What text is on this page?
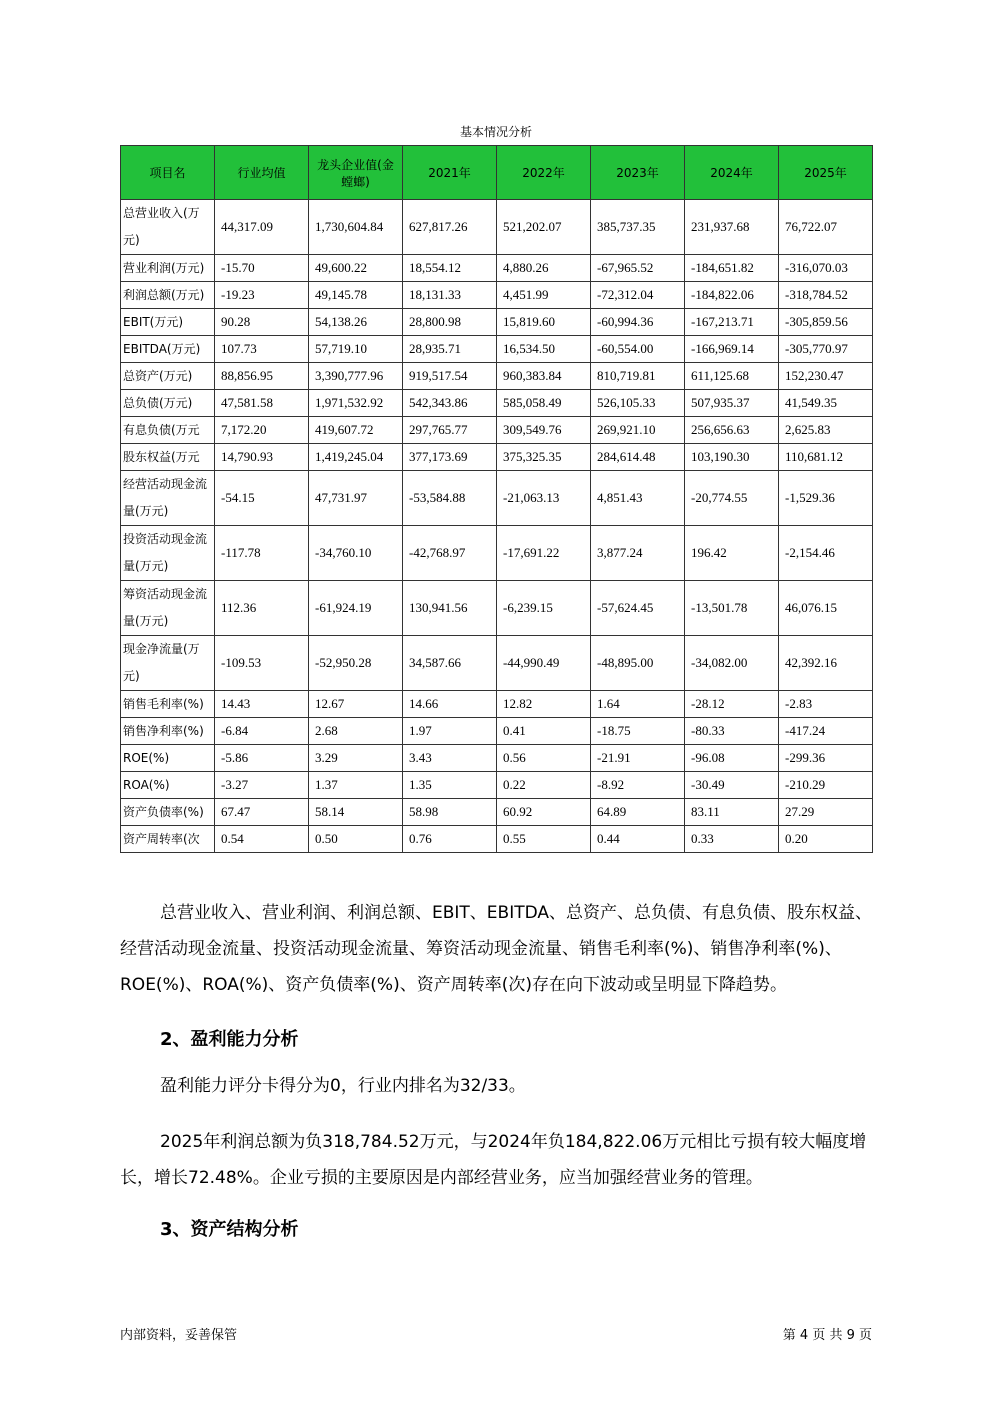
基本情况分析
项目名	行业均值	龙头企业值(金螳螂)	2021年	2022年	2023年	2024年	2025年
总营业收入(万元)	44,317.09	1,730,604.84	627,817.26	521,202.07	385,737.35	231,937.68	76,722.07
营业利润(万元)	-15.70	49,600.22	18,554.12	4,880.26	-67,965.52	-184,651.82	-316,070.03
利润总额(万元)	-19.23	49,145.78	18,131.33	4,451.99	-72,312.04	-184,822.06	-318,784.52
EBIT(万元)	90.28	54,138.26	28,800.98	15,819.60	-60,994.36	-167,213.71	-305,859.56
EBITDA(万元)	107.73	57,719.10	28,935.71	16,534.50	-60,554.00	-166,969.14	-305,770.97
总资产(万元)	88,856.95	3,390,777.96	919,517.54	960,383.84	810,719.81	611,125.68	152,230.47
总负债(万元)	47,581.58	1,971,532.92	542,343.86	585,058.49	526,105.33	507,935.37	41,549.35
有息负债(万元	7,172.20	419,607.72	297,765.77	309,549.76	269,921.10	256,656.63	2,625.83
股东权益(万元	14,790.93	1,419,245.04	377,173.69	375,325.35	284,614.48	103,190.30	110,681.12
经营活动现金流量(万元)	-54.15	47,731.97	-53,584.88	-21,063.13	4,851.43	-20,774.55	-1,529.36
投资活动现金流量(万元)	-117.78	-34,760.10	-42,768.97	-17,691.22	3,877.24	196.42	-2,154.46
筹资活动现金流量(万元)	112.36	-61,924.19	130,941.56	-6,239.15	-57,624.45	-13,501.78	46,076.15
现金净流量(万元)	-109.53	-52,950.28	34,587.66	-44,990.49	-48,895.00	-34,082.00	42,392.16
销售毛利率(%)	14.43	12.67	14.66	12.82	1.64	-28.12	-2.83
销售净利率(%)	-6.84	2.68	1.97	0.41	-18.75	-80.33	-417.24
ROE(%)	-5.86	3.29	3.43	0.56	-21.91	-96.08	-299.36
ROA(%)	-3.27	1.37	1.35	0.22	-8.92	-30.49	-210.29
资产负债率(%)	67.47	58.14	58.98	60.92	64.89	83.11	27.29
资产周转率(次	0.54	0.50	0.76	0.55	0.44	0.33	0.20
总营业收入、营业利润、利润总额、EBIT、EBITDA、总资产、总负债、有息负债、股东权益、经营活动现金流量、投资活动现金流量、筹资活动现金流量、销售毛利率(%)、销售净利率(%)、ROE(%)、ROA(%)、资产负债率(%)、资产周转率(次)存在向下波动或呈明显下降趋势。
2、盈利能力分析
盈利能力评分卡得分为0，行业内排名为32/33。
2025年利润总额为负318,784.52万元，与2024年负184,822.06万元相比亏损有较大幅度增长，增长72.48%。企业亏损的主要原因是内部经营业务，应当加强经营业务的管理。
3、资产结构分析
内部资料，妥善保管	第 4 页 共 9 页
